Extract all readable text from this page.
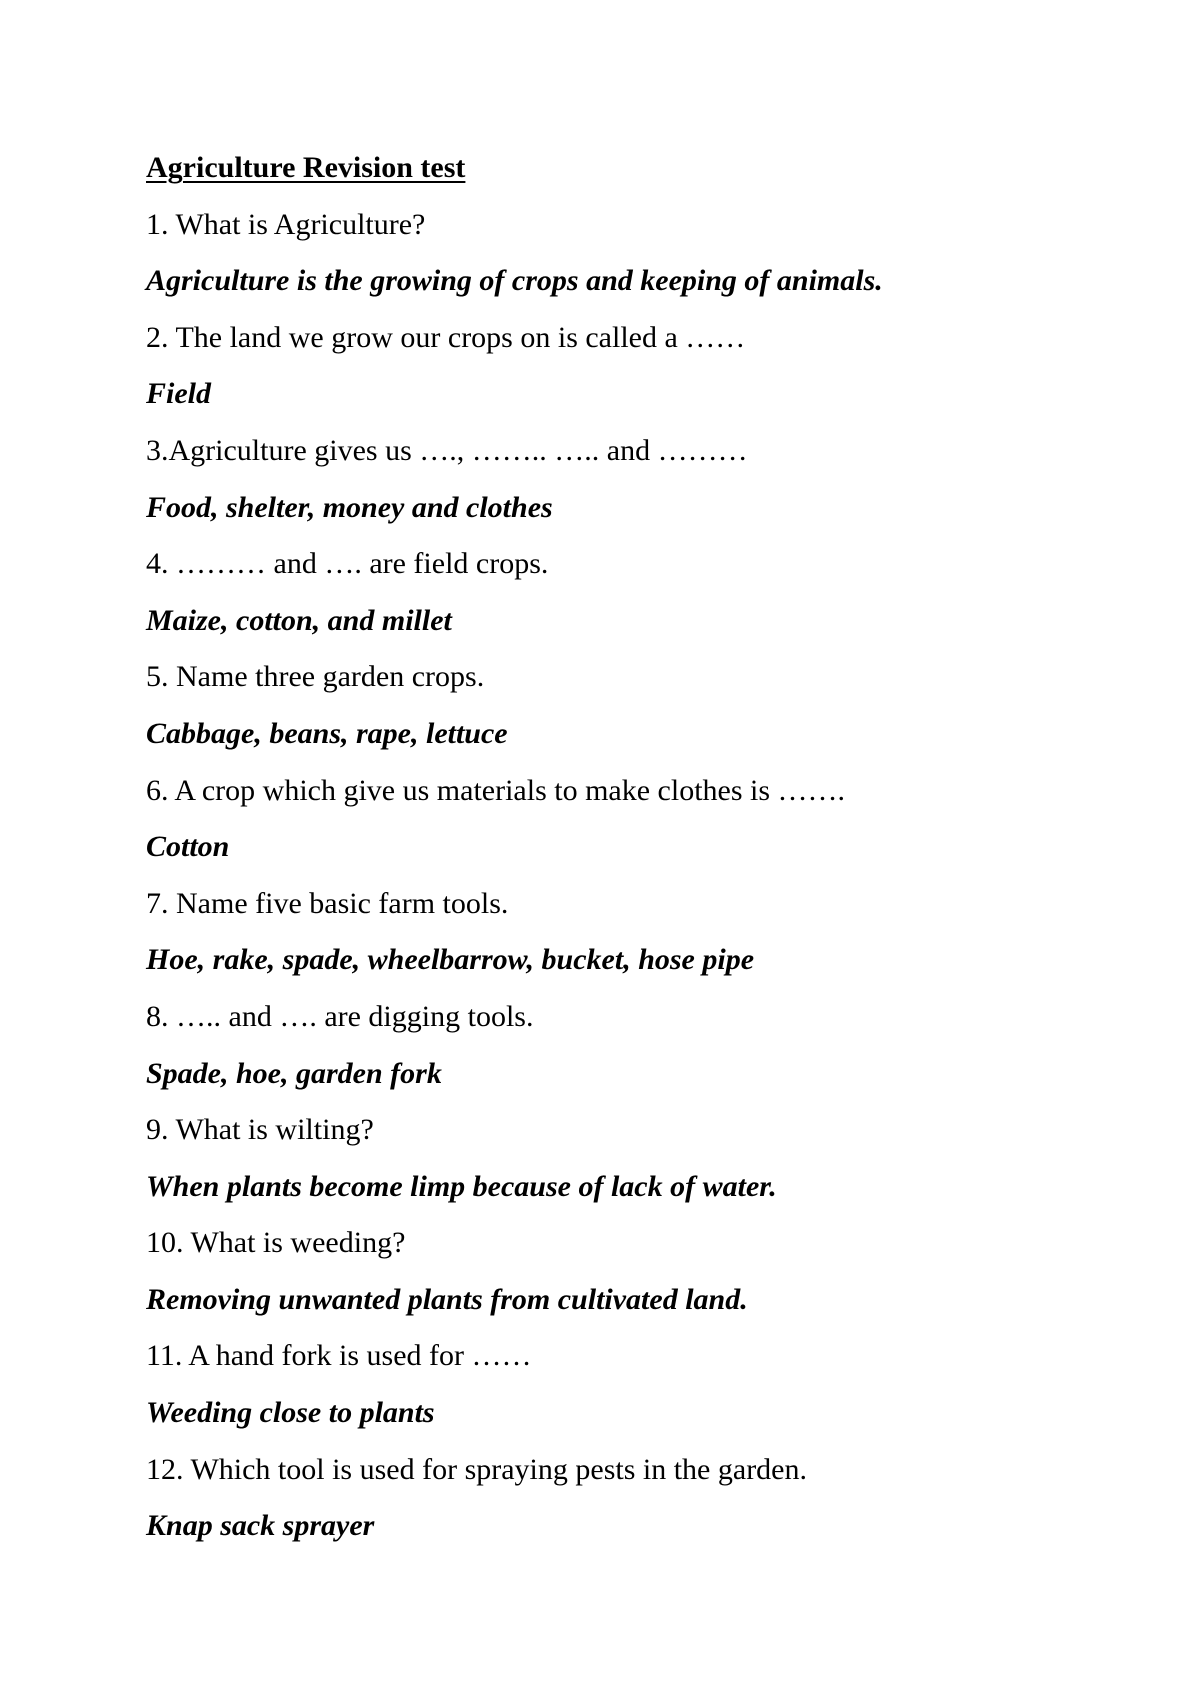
Agriculture Revision test
1. What is Agriculture?
Agriculture is the growing of crops and keeping of animals.
2. The land we grow our crops on is called a ……
Field
3.Agriculture gives us …., …….. ….. and ………
Food, shelter, money and clothes
4. ……… and …. are field crops.
Maize, cotton, and millet
5. Name three garden crops.
Cabbage, beans, rape, lettuce
6. A crop which give us materials to make clothes is …….
Cotton
7. Name five basic farm tools.
Hoe, rake, spade, wheelbarrow, bucket, hose pipe
8. ….. and …. are digging tools.
Spade, hoe, garden fork
9. What is wilting?
When plants become limp because of lack of water.
10. What is weeding?
Removing unwanted plants from cultivated land.
11. A hand fork is used for ……
Weeding close to plants
12. Which tool is used for spraying pests in the garden.
Knap sack sprayer
